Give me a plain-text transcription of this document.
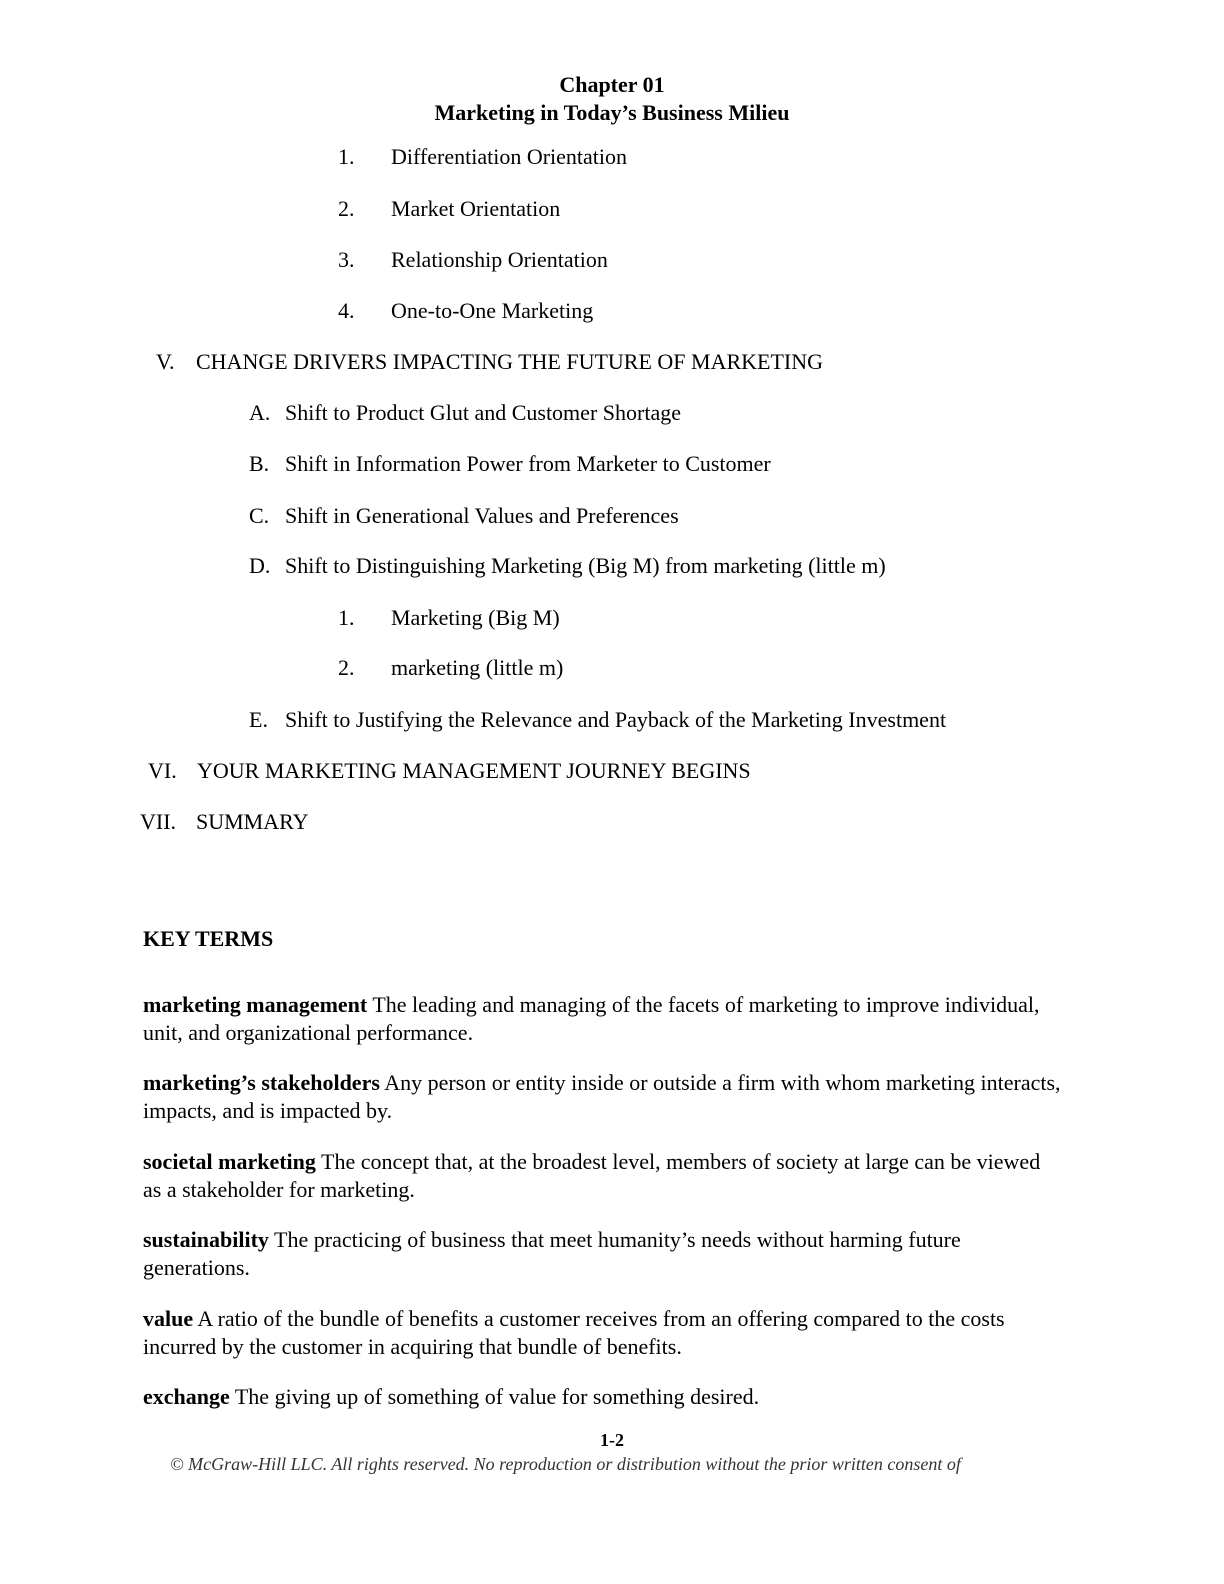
Chapter 01
Marketing in Today’s Business Milieu
1. Differentiation Orientation
2. Market Orientation
3. Relationship Orientation
4. One-to-One Marketing
V. CHANGE DRIVERS IMPACTING THE FUTURE OF MARKETING
A. Shift to Product Glut and Customer Shortage
B. Shift in Information Power from Marketer to Customer
C. Shift in Generational Values and Preferences
D. Shift to Distinguishing Marketing (Big M) from marketing (little m)
1. Marketing (Big M)
2. marketing (little m)
E. Shift to Justifying the Relevance and Payback of the Marketing Investment
VI. YOUR MARKETING MANAGEMENT JOURNEY BEGINS
VII. SUMMARY
KEY TERMS
marketing management The leading and managing of the facets of marketing to improve individual, unit, and organizational performance.
marketing’s stakeholders Any person or entity inside or outside a firm with whom marketing interacts, impacts, and is impacted by.
societal marketing The concept that, at the broadest level, members of society at large can be viewed as a stakeholder for marketing.
sustainability The practicing of business that meet humanity’s needs without harming future generations.
value A ratio of the bundle of benefits a customer receives from an offering compared to the costs incurred by the customer in acquiring that bundle of benefits.
exchange The giving up of something of value for something desired.
1-2
© McGraw-Hill LLC. All rights reserved. No reproduction or distribution without the prior written consent of
